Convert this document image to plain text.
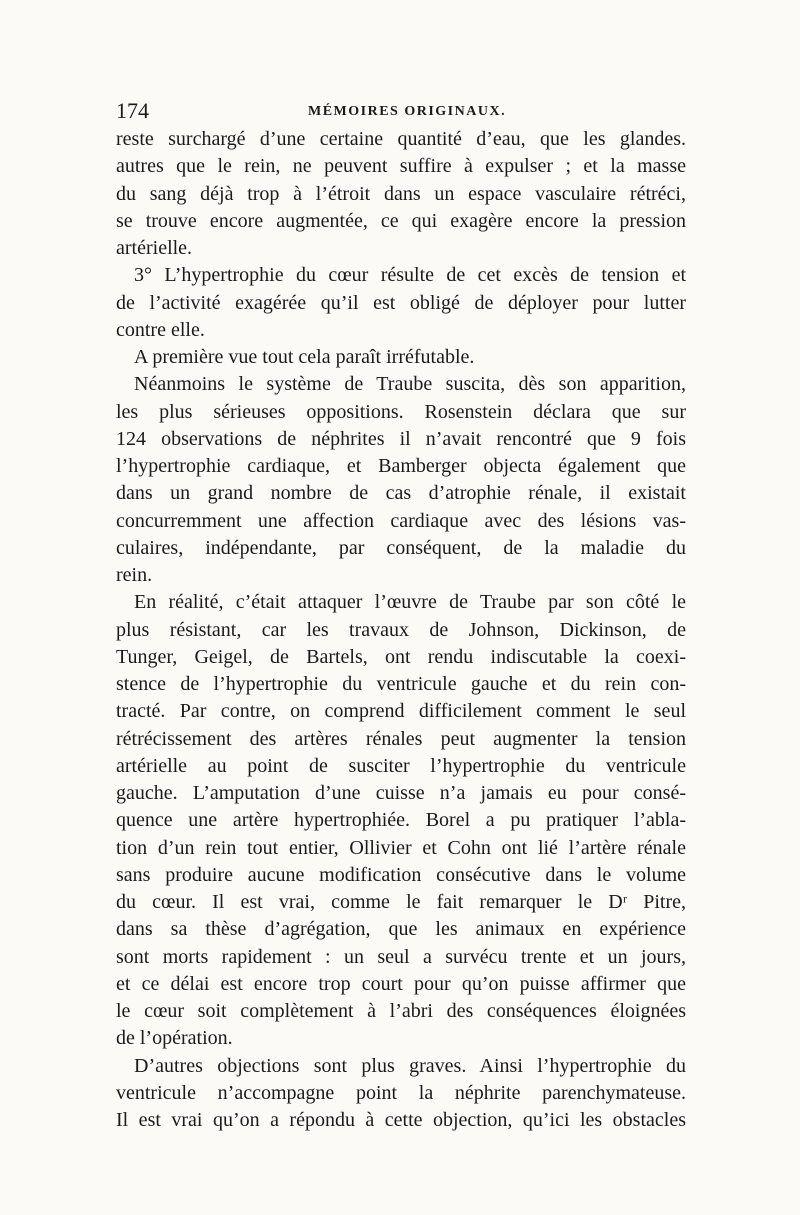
174	MÉMOIRES ORIGINAUX.
reste surchargé d’une certaine quantité d’eau, que les glandes.
autres que le rein, ne peuvent suffire à expulser ; et la masse
du sang déjà trop à l’étroit dans un espace vasculaire rétréci,
se trouve encore augmentée, ce qui exagère encore la pression
artérielle.
3° L’hypertrophie du cœur résulte de cet excès de tension et
de l’activité exagérée qu’il est obligé de déployer pour lutter
contre elle.
A première vue tout cela paraît irréfutable.
Néanmoins le système de Traube suscita, dès son apparition,
les plus sérieuses oppositions. Rosenstein déclara que sur
124 observations de néphrites il n’avait rencontré que 9 fois
l’hypertrophie cardiaque, et Bamberger objecta également que
dans un grand nombre de cas d’atrophie rénale, il existait
concurremment une affection cardiaque avec des lésions vas-
culaires, indépendante, par conséquent, de la maladie du
rein.
En réalité, c’était attaquer l’œuvre de Traube par son côté le
plus résistant, car les travaux de Johnson, Dickinson, de
Tunger, Geigel, de Bartels, ont rendu indiscutable la coexi-
stence de l’hypertrophie du ventricule gauche et du rein con-
tracté. Par contre, on comprend difficilement comment le seul
rétrécissement des artères rénales peut augmenter la tension
artérielle au point de susciter l’hypertrophie du ventricule
gauche. L’amputation d’une cuisse n’a jamais eu pour consé-
quence une artère hypertrophiée. Borel a pu pratiquer l’abla-
tion d’un rein tout entier, Ollivier et Cohn ont lié l’artère rénale
sans produire aucune modification consécutive dans le volume
du cœur. Il est vrai, comme le fait remarquer le Dʳ Pitre,
dans sa thèse d’agrégation, que les animaux en expérience
sont morts rapidement : un seul a survécu trente et un jours,
et ce délai est encore trop court pour qu’on puisse affirmer que
le cœur soit complètement à l’abri des conséquences éloignées
de l’opération.
D’autres objections sont plus graves. Ainsi l’hypertrophie du
ventricule n’accompagne point la néphrite parenchymateuse.
Il est vrai qu’on a répondu à cette objection, qu’ici les obstacles
